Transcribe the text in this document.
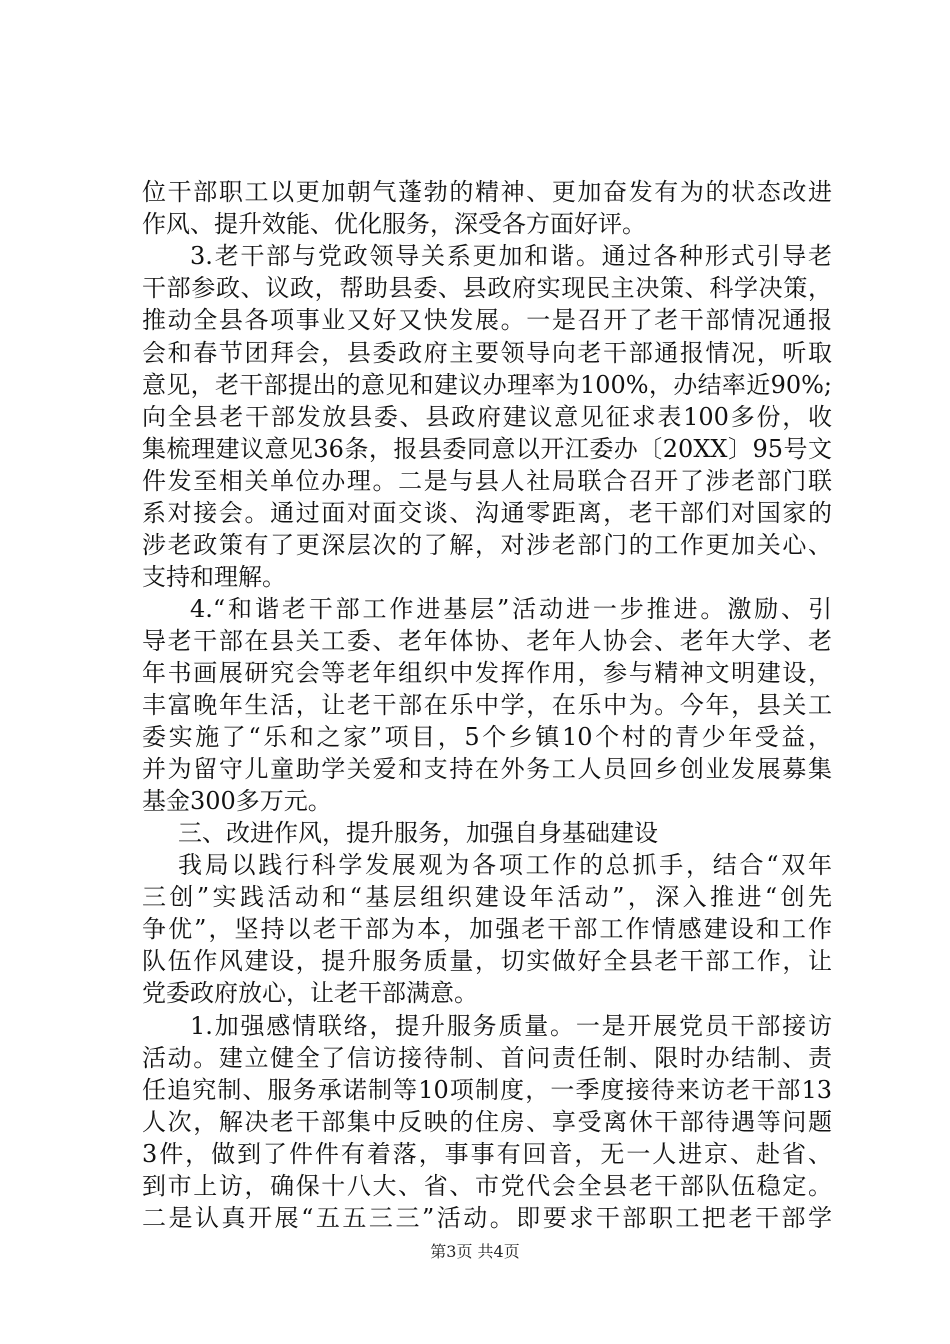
位干部职工以更加朝气蓬勃的精神、更加奋发有为的状态改进
作风、提升效能、优化服务，深受各方面好评。
3.老干部与党政领导关系更加和谐。通过各种形式引导老
干部参政、议政，帮助县委、县政府实现民主决策、科学决策，
推动全县各项事业又好又快发展。一是召开了老干部情况通报
会和春节团拜会，县委政府主要领导向老干部通报情况，听取
意见，老干部提出的意见和建议办理率为100%，办结率近90%;
向全县老干部发放县委、县政府建议意见征求表100多份，收
集梳理建议意见36条，报县委同意以开江委办〔20XX〕95号文
件发至相关单位办理。二是与县人社局联合召开了涉老部门联
系对接会。通过面对面交谈、沟通零距离，老干部们对国家的
涉老政策有了更深层次的了解，对涉老部门的工作更加关心、
支持和理解。
4.“和谐老干部工作进基层”活动进一步推进。激励、引
导老干部在县关工委、老年体协、老年人协会、老年大学、老
年书画展研究会等老年组织中发挥作用，参与精神文明建设，
丰富晚年生活，让老干部在乐中学，在乐中为。今年，县关工
委实施了“乐和之家”项目，5个乡镇10个村的青少年受益，
并为留守儿童助学关爱和支持在外务工人员回乡创业发展募集
基金300多万元。
三、改进作风，提升服务，加强自身基础建设
我局以践行科学发展观为各项工作的总抓手，结合“双年
三创”实践活动和“基层组织建设年活动”，深入推进“创先
争优”，坚持以老干部为本，加强老干部工作情感建设和工作
队伍作风建设，提升服务质量，切实做好全县老干部工作，让
党委政府放心，让老干部满意。
1.加强感情联络，提升服务质量。一是开展党员干部接访
活动。建立健全了信访接待制、首问责任制、限时办结制、责
任追究制、服务承诺制等10项制度，一季度接待来访老干部13
人次，解决老干部集中反映的住房、享受离休干部待遇等问题
3件，做到了件件有着落，事事有回音，无一人进京、赴省、
到市上访，确保十八大、省、市党代会全县老干部队伍稳定。
二是认真开展“五五三三”活动。即要求干部职工把老干部学
第3页 共4页
